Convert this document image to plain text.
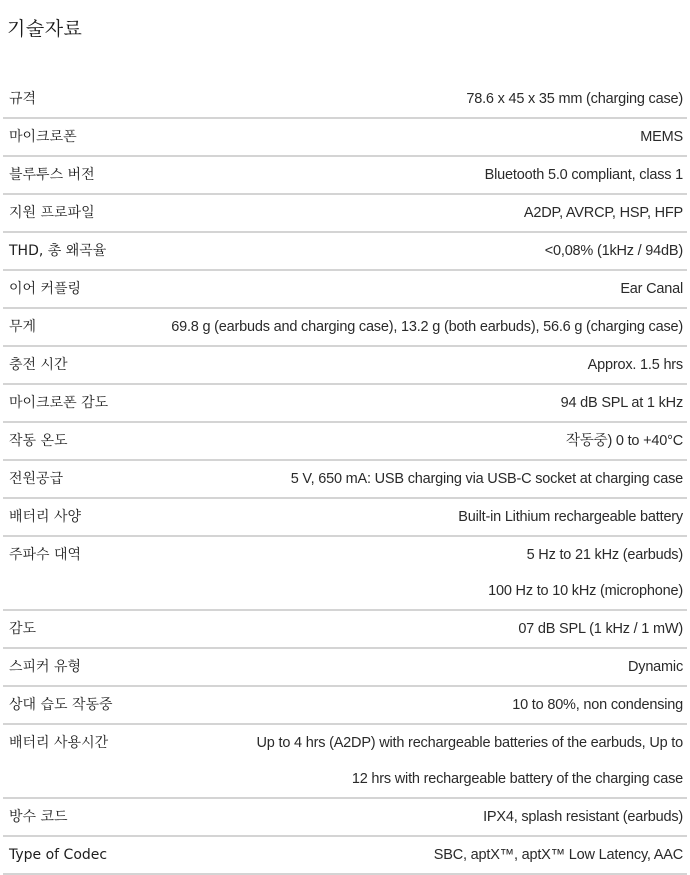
기술자료
규격	78.6 x 45 x 35 mm (charging case)
마이크로폰	MEMS
블루투스 버전	Bluetooth 5.0 compliant, class 1
지원 프로파일	A2DP, AVRCP, HSP, HFP
THD, 총 왜곡율	<0,08% (1kHz / 94dB)
이어 커플링	Ear Canal
무게	69.8 g (earbuds and charging case), 13.2 g (both earbuds), 56.6 g (charging case)
충전 시간	Approx. 1.5 hrs
마이크로폰 감도	94 dB SPL at 1 kHz
작동 온도	작동중) 0 to +40°C
전원공급	5 V, 650 mA: USB charging via USB-C socket at charging case
배터리 사양	Built-in Lithium rechargeable battery
주파수 대역	5 Hz to 21 kHz (earbuds)
100 Hz to 10 kHz (microphone)
감도	07 dB SPL (1 kHz / 1 mW)
스피커 유형	Dynamic
상대 습도 작동중	10 to 80%, non condensing
배터리 사용시간	Up to 4 hrs (A2DP) with rechargeable batteries of the earbuds, Up to
12 hrs with rechargeable battery of the charging case
방수 코드	IPX4, splash resistant (earbuds)
Type of Codec	SBC, aptX™, aptX™ Low Latency, AAC
